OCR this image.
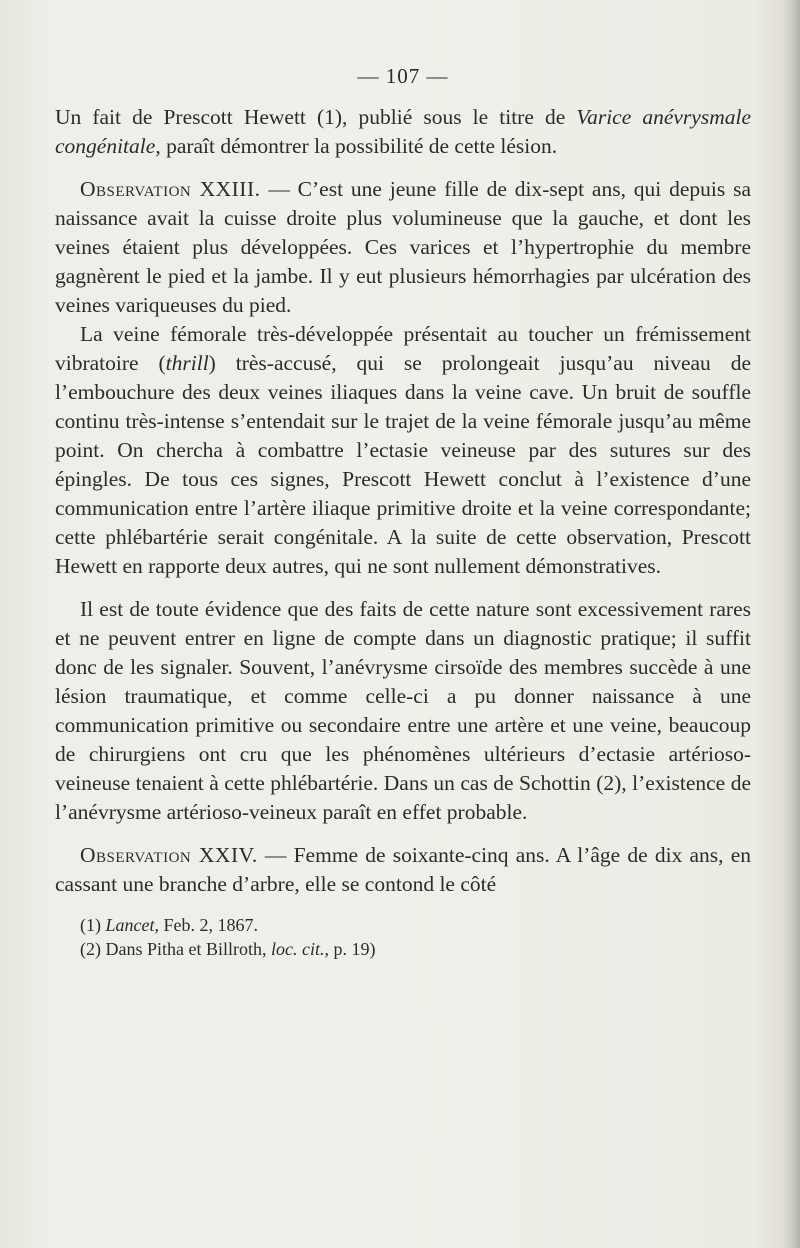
— 107 —

Un fait de Prescott Hewett (1), publié sous le titre de Varice anévrysmale congénitale, paraît démontrer la possibilité de cette lésion.

Observation XXIII. — C’est une jeune fille de dix-sept ans, qui depuis sa naissance avait la cuisse droite plus volumineuse que la gauche, et dont les veines étaient plus développées. Ces varices et l’hypertrophie du membre gagnèrent le pied et la jambe. Il y eut plusieurs hémorrhagies par ulcération des veines variqueuses du pied.

La veine fémorale très-développée présentait au toucher un frémissement vibratoire (thrill) très-accusé, qui se prolongeait jusqu’au niveau de l’embouchure des deux veines iliaques dans la veine cave. Un bruit de souffle continu très-intense s’entendait sur le trajet de la veine fémorale jusqu’au même point. On chercha à combattre l’ectasie veineuse par des sutures sur des épingles. De tous ces signes, Prescott Hewett conclut à l’existence d’une communication entre l’artère iliaque primitive droite et la veine correspondante; cette phlébartérie serait congénitale. A la suite de cette observation, Prescott Hewett en rapporte deux autres, qui ne sont nullement démonstratives.

Il est de toute évidence que des faits de cette nature sont excessivement rares et ne peuvent entrer en ligne de compte dans un diagnostic pratique; il suffit donc de les signaler. Souvent, l’anévrysme cirsoïde des membres succède à une lésion traumatique, et comme celle-ci a pu donner naissance à une communication primitive ou secondaire entre une artère et une veine, beaucoup de chirurgiens ont cru que les phénomènes ultérieurs d’ectasie artérioso-veineuse tenaient à cette phlébartérie. Dans un cas de Schottin (2), l’existence de l’anévrysme artérioso-veineux paraît en effet probable.

Observation XXIV. — Femme de soixante-cinq ans. A l’âge de dix ans, en cassant une branche d’arbre, elle se contond le côté

(1) Lancet, Feb. 2, 1867.
(2) Dans Pitha et Billroth, loc. cit., p. 19)
